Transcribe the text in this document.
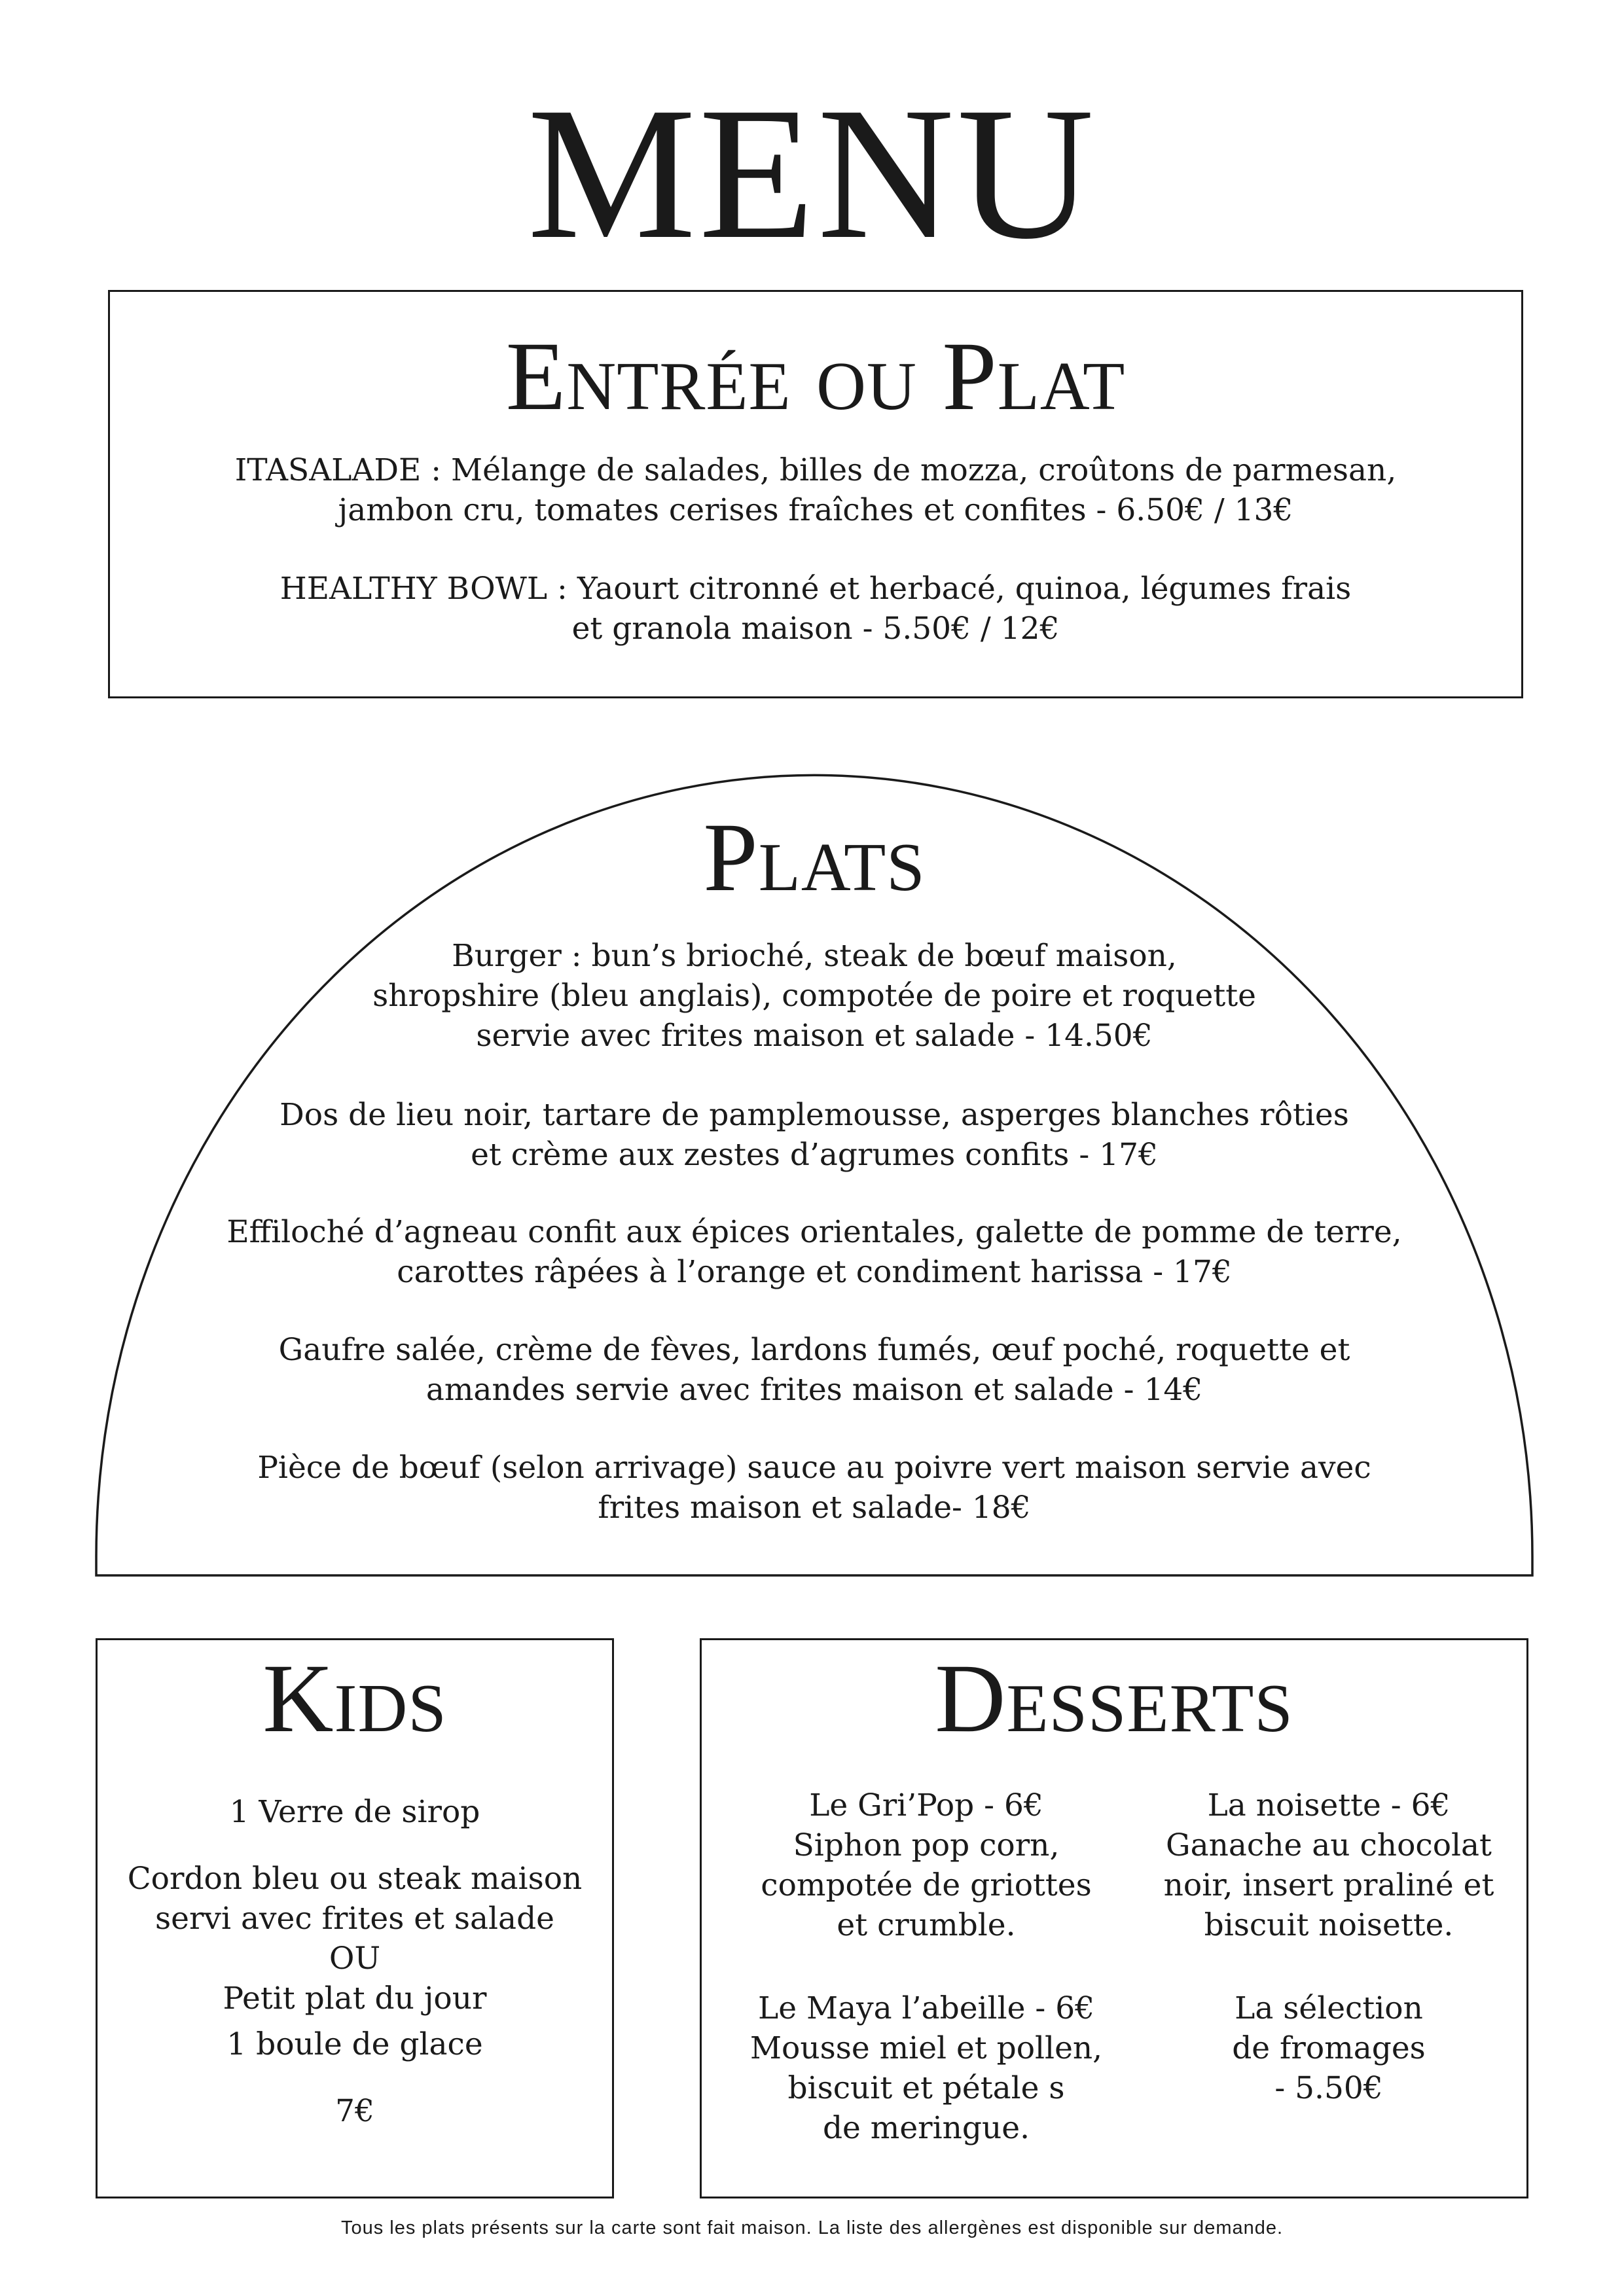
MENU
Entrée ou Plat
ITASALADE : Mélange de salades, billes de mozza, croûtons de parmesan,
jambon cru, tomates cerises fraîches et confites - 6.50€ / 13€
HEALTHY BOWL : Yaourt citronné et herbacé, quinoa, légumes frais
et granola maison - 5.50€ / 12€
Plats
Burger : bun’s brioché, steak de bœuf maison,
shropshire (bleu anglais), compotée de poire et roquette
servie avec frites maison et salade - 14.50€
Dos de lieu noir, tartare de pamplemousse, asperges blanches rôties
et crème aux zestes d’agrumes confits - 17€
Effiloché d’agneau confit aux épices orientales, galette de pomme de terre,
carottes râpées à l’orange et condiment harissa - 17€
Gaufre salée, crème de fèves, lardons fumés, œuf poché, roquette et
amandes servie avec frites maison et salade - 14€
Pièce de bœuf (selon arrivage) sauce au poivre vert maison servie avec
frites maison et salade- 18€
Kids
1 Verre de sirop
Cordon bleu ou steak maison
servi avec frites et salade
OU
Petit plat du jour
1 boule de glace
7€
Desserts
Le Gri’Pop - 6€
Siphon pop corn,
compotée de griottes
et crumble.
La noisette - 6€
Ganache au chocolat
noir, insert praliné et
biscuit noisette.
Le Maya l’abeille - 6€
Mousse miel et pollen,
biscuit et pétale s
de meringue.
La sélection
de fromages
- 5.50€
Tous les plats présents sur la carte sont fait maison. La liste des allergènes est disponible sur demande.
